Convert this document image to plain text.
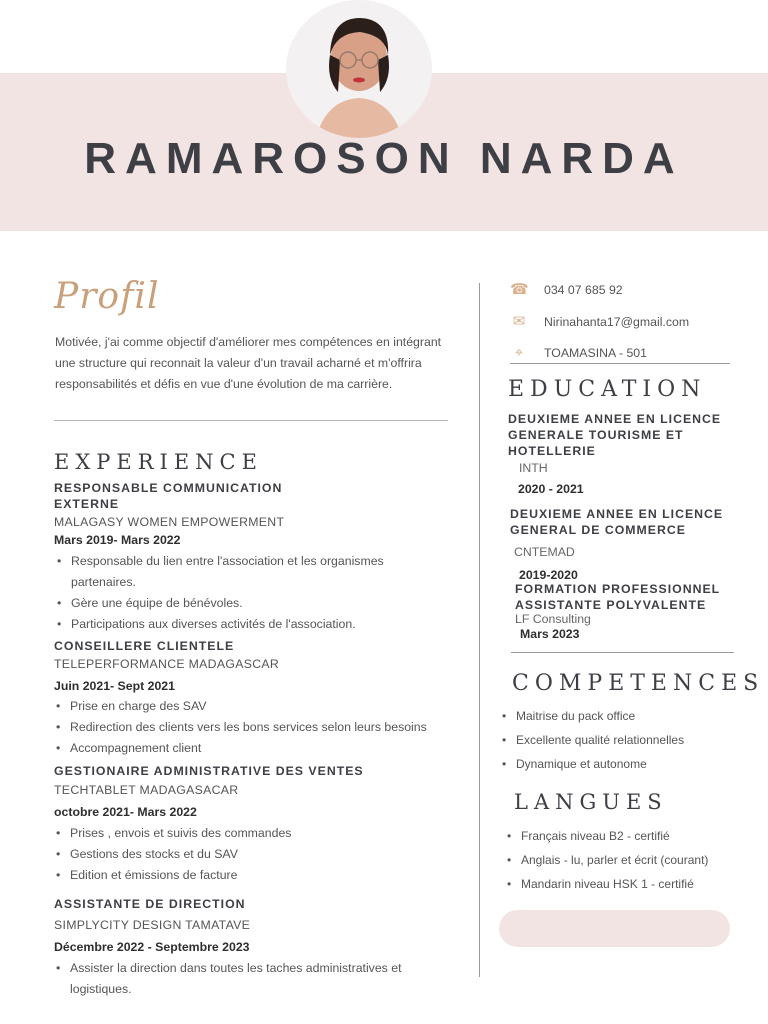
RAMAROSON NARDA
Profil
Motivée, j'ai comme objectif d'améliorer mes compétences en intégrant une structure qui reconnait la valeur d'un travail acharné et m'offrira responsabilités et défis en vue d'une évolution de ma carrière.
EXPERIENCE
RESPONSABLE COMMUNICATION EXTERNE
MALAGASY WOMEN EMPOWERMENT
Mars 2019- Mars 2022
• Responsable du lien entre l'association et les organismes partenaires.
• Gère une équipe de bénévoles.
• Participations aux diverses activités de l'association.
CONSEILLERE CLIENTELE
TELEPERFORMANCE MADAGASCAR
Juin 2021- Sept 2021
• Prise en charge des SAV
• Redirection des clients vers les bons services selon leurs besoins
• Accompagnement client
GESTIONAIRE ADMINISTRATIVE DES VENTES
TECHTABLET MADAGASACAR
octobre 2021- Mars 2022
• Prises , envois et suivis des commandes
• Gestions des stocks et du SAV
• Edition et émissions de facture
ASSISTANTE DE DIRECTION
SIMPLYCITY DESIGN TAMATAVE
Décembre 2022 - Septembre 2023
• Assister la direction dans toutes les taches administratives et logistiques.
☎ 034 07 685 92
✉ Nirinahanta17@gmail.com
⌖ TOAMASINA - 501
EDUCATION
DEUXIEME ANNEE EN LICENCE GENERALE TOURISME ET HOTELLERIE
INTH
2020 - 2021
DEUXIEME ANNEE EN LICENCE GENERAL DE COMMERCE
CNTEMAD
2019-2020
FORMATION PROFESSIONNEL ASSISTANTE POLYVALENTE
LF Consulting
Mars 2023
COMPETENCES
• Maitrise du pack office
• Excellente qualité relationnelles
• Dynamique et autonome
LANGUES
• Français niveau B2 - certifié
• Anglais - lu, parler et écrit (courant)
• Mandarin niveau HSK 1 - certifié
